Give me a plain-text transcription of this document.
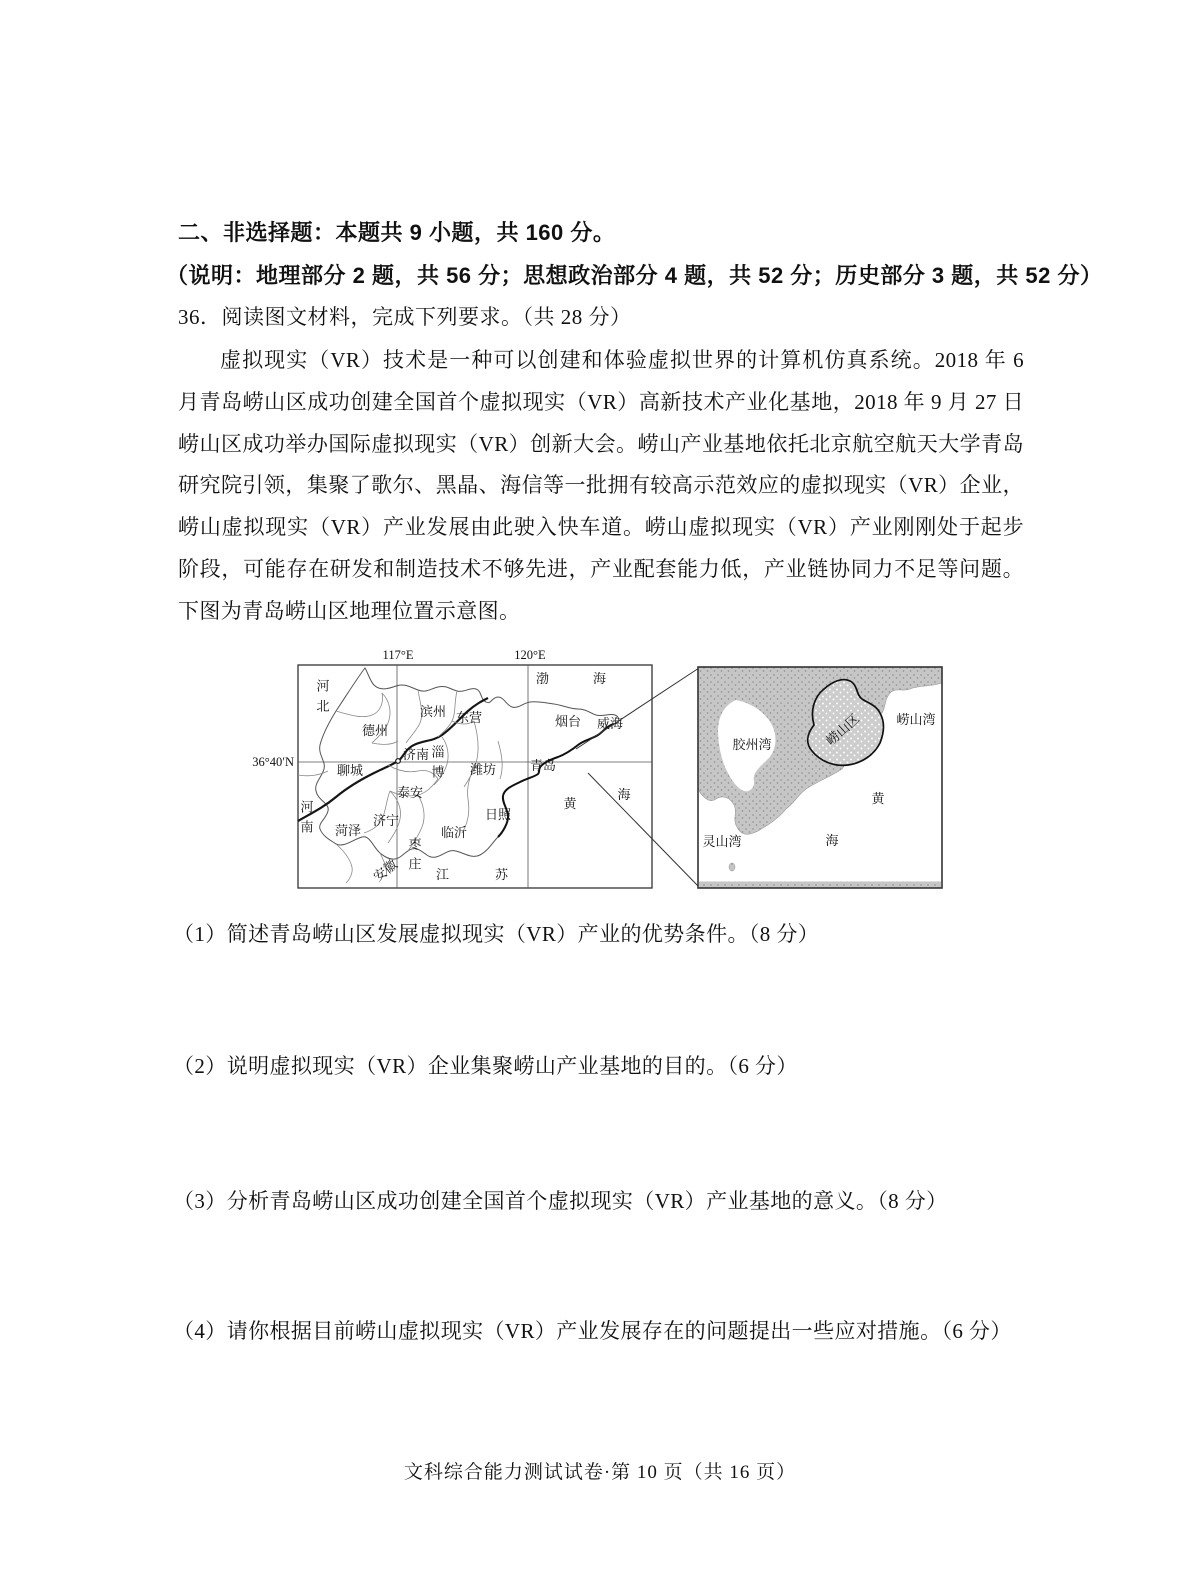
二、非选择题：本题共 9 小题，共 160 分。
（说明：地理部分 2 题，共 56 分；思想政治部分 4 题，共 52 分；历史部分 3 题，共 52 分）
36．阅读图文材料，完成下列要求。（共 28 分）
虚拟现实（VR）技术是一种可以创建和体验虚拟世界的计算机仿真系统。2018 年 6 月青岛崂山区成功创建全国首个虚拟现实（VR）高新技术产业化基地，2018 年 9 月 27 日崂山区成功举办国际虚拟现实（VR）创新大会。崂山产业基地依托北京航空航天大学青岛研究院引领，集聚了歌尔、黑晶、海信等一批拥有较高示范效应的虚拟现实（VR）企业，崂山虚拟现实（VR）产业发展由此驶入快车道。崂山虚拟现实（VR）产业刚刚处于起步阶段，可能存在研发和制造技术不够先进，产业配套能力低，产业链协同力不足等问题。下图为青岛崂山区地理位置示意图。
117°E	120°E
36°40′N
河北
德州
滨州 东营
渤海
烟台 威海
济南
聊城	淄博 潍坊	青岛
泰安
河南	济宁
菏泽
日照
临沂
枣庄
安徽	江苏
黄
海
胶州湾	崂山区	崂山湾
黄
海
灵山湾
（1）简述青岛崂山区发展虚拟现实（VR）产业的优势条件。（8 分）
（2）说明虚拟现实（VR）企业集聚崂山产业基地的目的。（6 分）
（3）分析青岛崂山区成功创建全国首个虚拟现实（VR）产业基地的意义。（8 分）
（4）请你根据目前崂山虚拟现实（VR）产业发展存在的问题提出一些应对措施。（6 分）
文科综合能力测试试卷·第 10 页（共 16 页）
